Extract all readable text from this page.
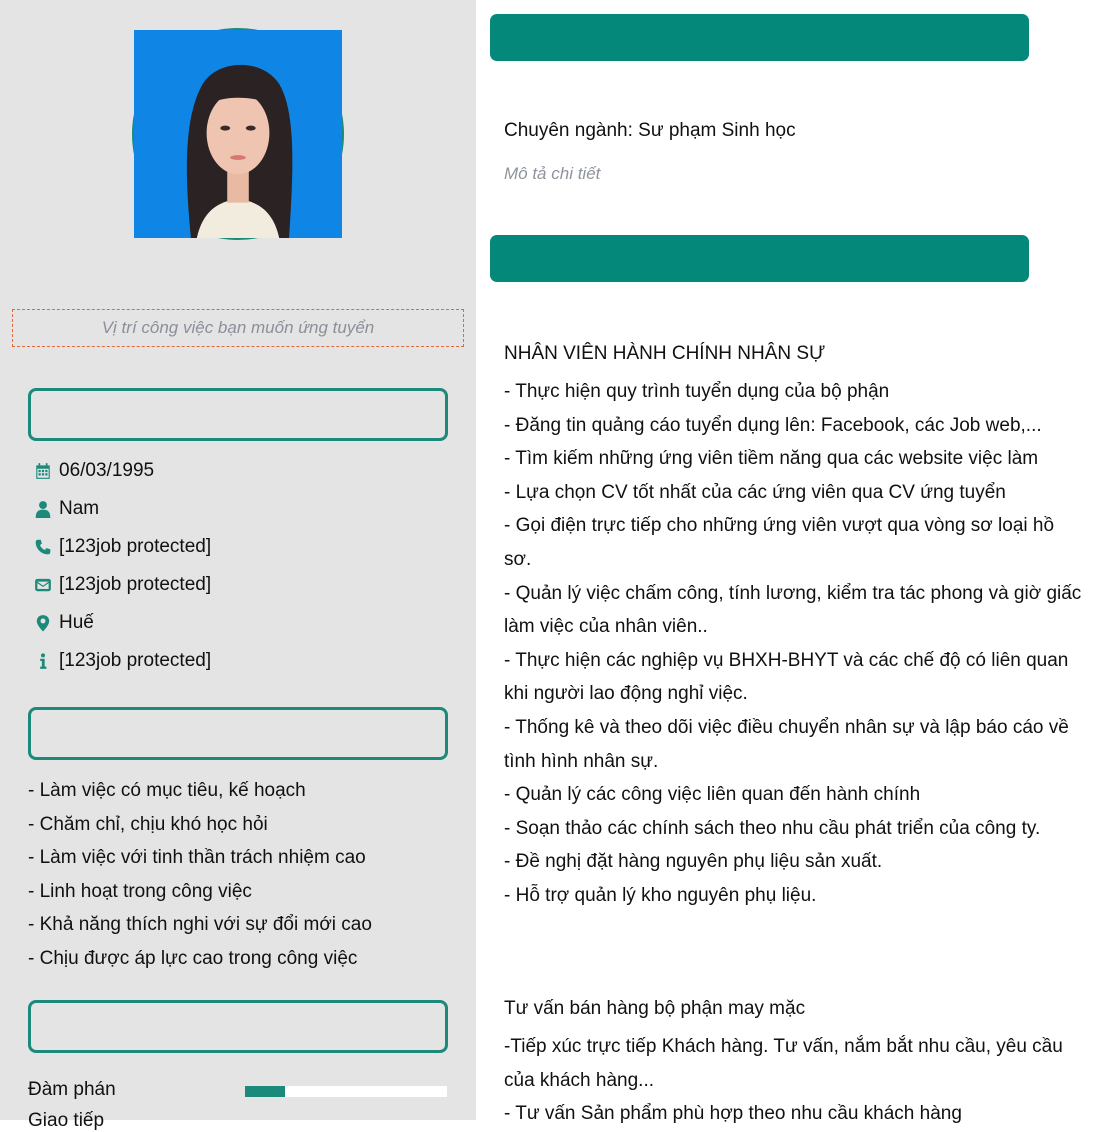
Vị trí công việc bạn muốn ứng tuyển
06/03/1995
Nam
[123job protected]
[123job protected]
Huế
[123job protected]
- Làm việc có mục tiêu, kế hoạch
- Chăm chỉ, chịu khó học hỏi
- Làm việc với tinh thần trách nhiệm cao
- Linh hoạt trong công việc
- Khả năng thích nghi với sự đổi mới cao
- Chịu được áp lực cao trong công việc
Đàm phán
Giao tiếp
Chuyên ngành: Sư phạm Sinh học
Mô tả chi tiết
NHÂN VIÊN HÀNH CHÍNH NHÂN SỰ
- Thực hiện quy trình tuyển dụng của bộ phận
- Đăng tin quảng cáo tuyển dụng lên: Facebook, các Job web,...
- Tìm kiếm những ứng viên tiềm năng qua các website việc làm
- Lựa chọn CV tốt nhất của các ứng viên qua CV ứng tuyển
- Gọi điện trực tiếp cho những ứng viên vượt qua vòng sơ loại hồ sơ.
- Quản lý việc chấm công, tính lương, kiểm tra tác phong và giờ giấc làm việc của nhân viên..
- Thực hiện các nghiệp vụ BHXH-BHYT và các chế độ có liên quan khi người lao động nghỉ việc.
- Thống kê và theo dõi việc điều chuyển nhân sự và lập báo cáo về tình hình nhân sự.
- Quản lý các công việc liên quan đến hành chính
- Soạn thảo các chính sách theo nhu cầu phát triển của công ty.
- Đề nghị đặt hàng nguyên phụ liệu sản xuất.
- Hỗ trợ quản lý kho nguyên phụ liệu.
Tư vấn bán hàng bộ phận may mặc
-Tiếp xúc trực tiếp Khách hàng. Tư vấn, nắm bắt nhu cầu, yêu cầu của khách hàng...
- Tư vấn Sản phẩm phù hợp theo nhu cầu khách hàng
